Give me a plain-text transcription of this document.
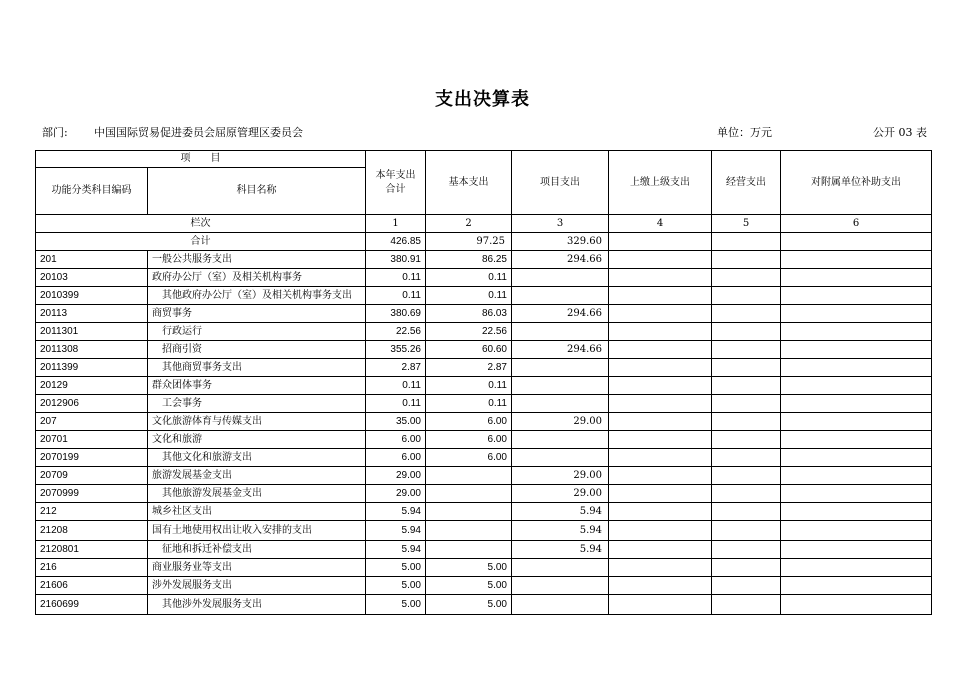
支出决算表
部门: 中国国际贸易促进委员会屈原管理区委员会	单位：万元	公开 03 表
项　　目		本年支出合计	基本支出	项目支出	上缴上级支出	经营支出	对附属单位补助支出
功能分类科目编码	科目名称						
栏次		1	2	3	4	5	6
合计		426.85	97.25	329.60			
201	一般公共服务支出	380.91	86.25	294.66			
20103	政府办公厅（室）及相关机构事务	0.11	0.11				
2010399	其他政府办公厅（室）及相关机构事务支出	0.11	0.11				
20113	商贸事务	380.69	86.03	294.66			
2011301	行政运行	22.56	22.56				
2011308	招商引资	355.26	60.60	294.66			
2011399	其他商贸事务支出	2.87	2.87				
20129	群众团体事务	0.11	0.11				
2012906	工会事务	0.11	0.11				
207	文化旅游体育与传媒支出	35.00	6.00	29.00			
20701	文化和旅游	6.00	6.00				
2070199	其他文化和旅游支出	6.00	6.00				
20709	旅游发展基金支出	29.00		29.00			
2070999	其他旅游发展基金支出	29.00		29.00			
212	城乡社区支出	5.94		5.94			
21208	国有土地使用权出让收入安排的支出	5.94		5.94			
2120801	征地和拆迁补偿支出	5.94		5.94			
216	商业服务业等支出	5.00	5.00				
21606	涉外发展服务支出	5.00	5.00				
2160699	其他涉外发展服务支出	5.00	5.00				
